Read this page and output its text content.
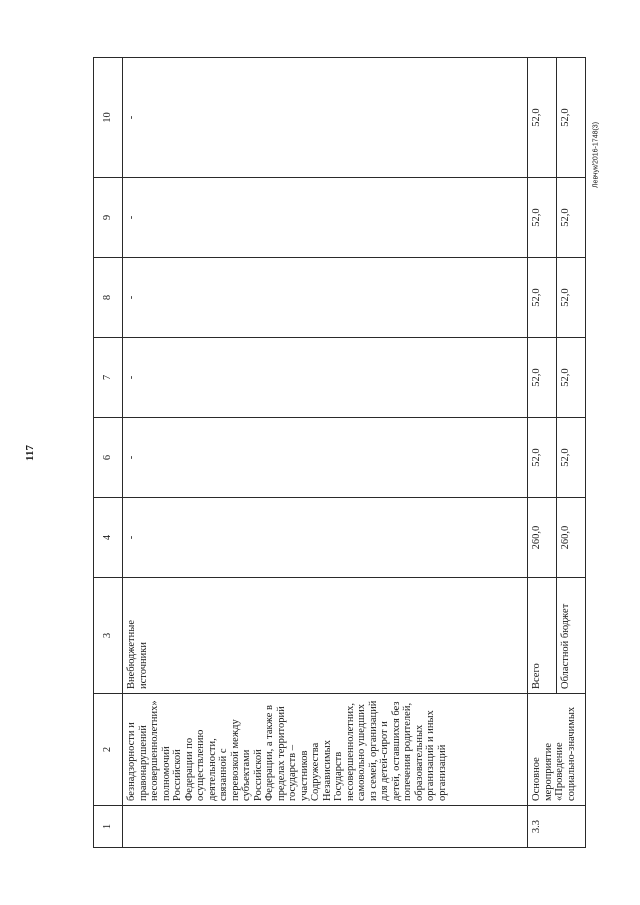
117
1	2	3	4	6	7	8	9	10
	безнадзорности и правонарушений несовершеннолетних» полномочий Российской Федерации по осуществлению деятельности, связанной с перевозкой между субъектами Российской Федерации, а также в пределах территорий государств – участников Содружества Независимых Государств несовершеннолетних, самовольно ушедших из семей, организаций для детей-сирот и детей, оставшихся без попечения родителей, образовательных организаций и иных организаций	Внебюджетные источники	-	-	-	-	-	-
3.3	Основное мероприятие «Проведение социально-значимых	Всего	260,0	52,0	52,0	52,0	52,0	52,0
		Областной бюджет	260,0	52,0	52,0	52,0	52,0	52,0
Левчук/2016-1748(3)
